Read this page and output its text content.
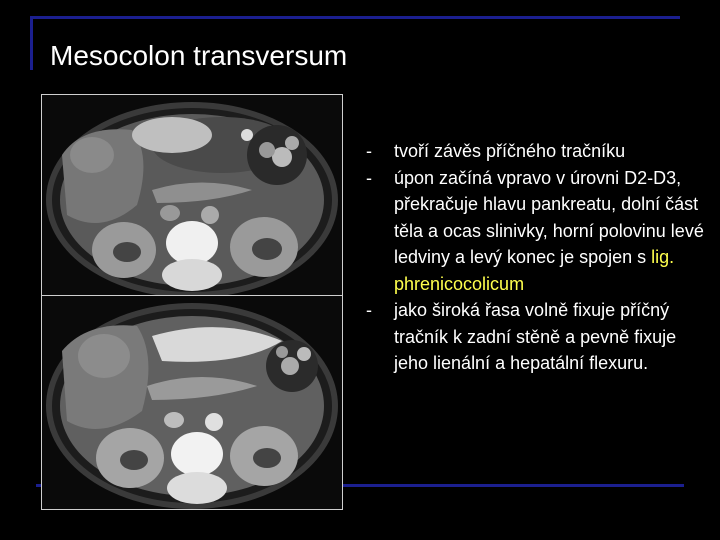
Mesocolon transversum
- tvoří závěs příčného tračníku
- úpon začíná vpravo v úrovni D2-D3, překračuje hlavu pankreatu, dolní část těla a ocas slinivky, horní polovinu levé ledviny a levý konec je spojen s lig. phrenicocolicum
- jako široká řasa volně fixuje příčný tračník k zadní stěně a pevně fixuje jeho lienální a hepatální flexuru.
